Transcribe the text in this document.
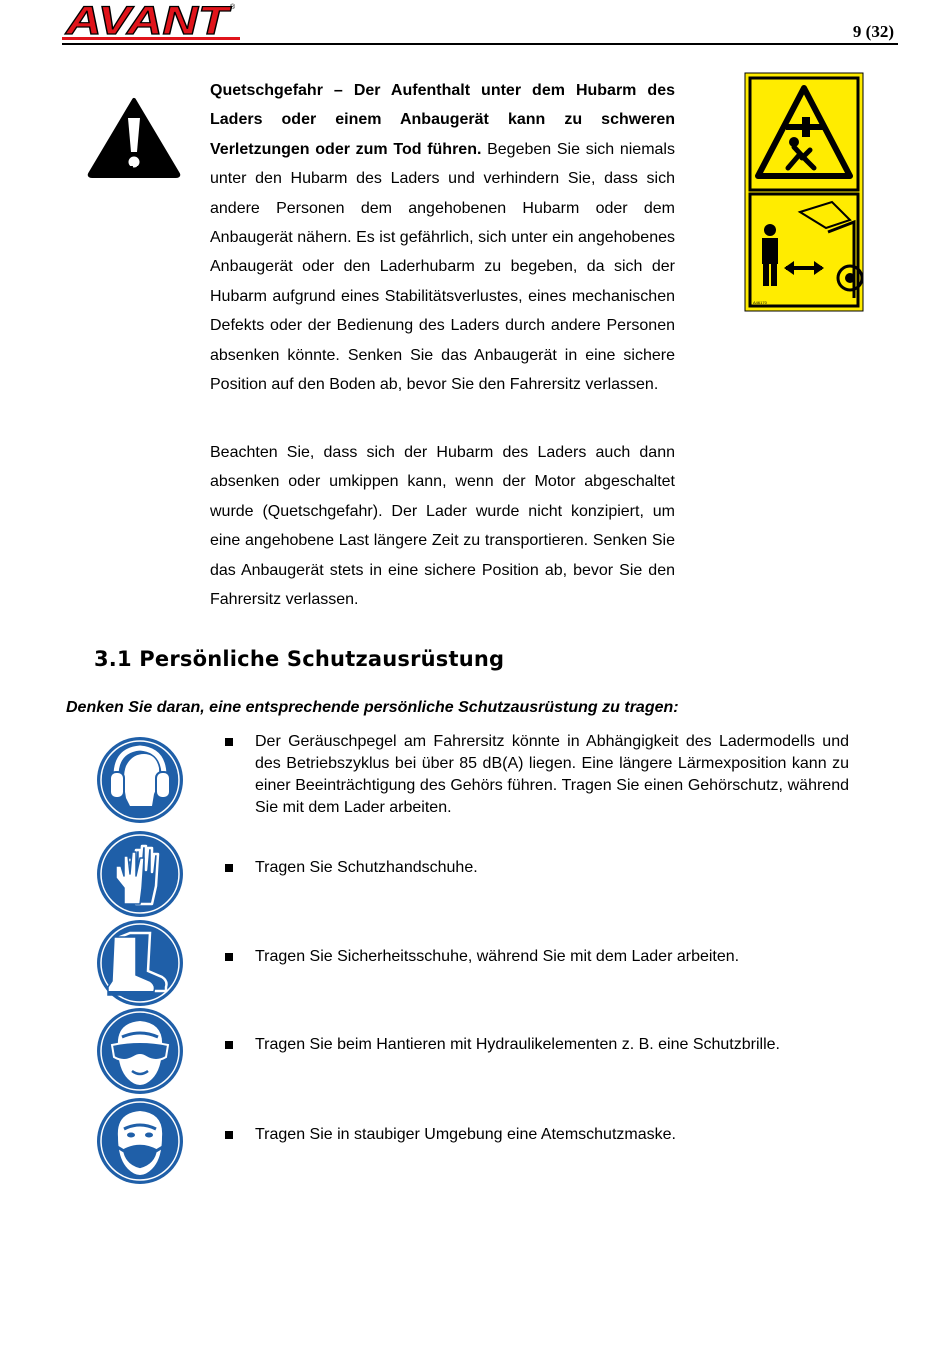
AVANT
®
9 (32)
GEFAHR
A46170

Quetschgefahr – Der Aufenthalt unter dem Hubarm des Laders oder einem Anbaugerät kann zu schweren Verletzungen oder zum Tod führen. Begeben Sie sich niemals unter den Hubarm des Laders und verhindern Sie, dass sich andere Personen dem angehobenen Hubarm oder dem Anbaugerät nähern. Es ist gefährlich, sich unter ein angehobenes Anbaugerät oder den Laderhubarm zu begeben, da sich der Hubarm aufgrund eines Stabilitätsverlustes, eines mechanischen Defekts oder der Bedienung des Laders durch andere Personen absenken könnte. Senken Sie das Anbaugerät in eine sichere Position auf den Boden ab, bevor Sie den Fahrersitz verlassen.

Beachten Sie, dass sich der Hubarm des Laders auch dann absenken oder umkippen kann, wenn der Motor abgeschaltet wurde (Quetschgefahr). Der Lader wurde nicht konzipiert, um eine angehobene Last längere Zeit zu transportieren. Senken Sie das Anbaugerät stets in eine sichere Position ab, bevor Sie den Fahrersitz verlassen.

3.1 Persönliche Schutzausrüstung

Denken Sie daran, eine entsprechende persönliche Schutzausrüstung zu tragen:

Der Geräuschpegel am Fahrersitz könnte in Abhängigkeit des Ladermodells und des Betriebszyklus bei über 85 dB(A) liegen. Eine längere Lärmexposition kann zu einer Beeinträchtigung des Gehörs führen. Tragen Sie einen Gehörschutz, während Sie mit dem Lader arbeiten.

Tragen Sie Schutzhandschuhe.

Tragen Sie Sicherheitsschuhe, während Sie mit dem Lader arbeiten.

Tragen Sie beim Hantieren mit Hydraulikelementen z. B. eine Schutzbrille.

Tragen Sie in staubiger Umgebung eine Atemschutzmaske.
